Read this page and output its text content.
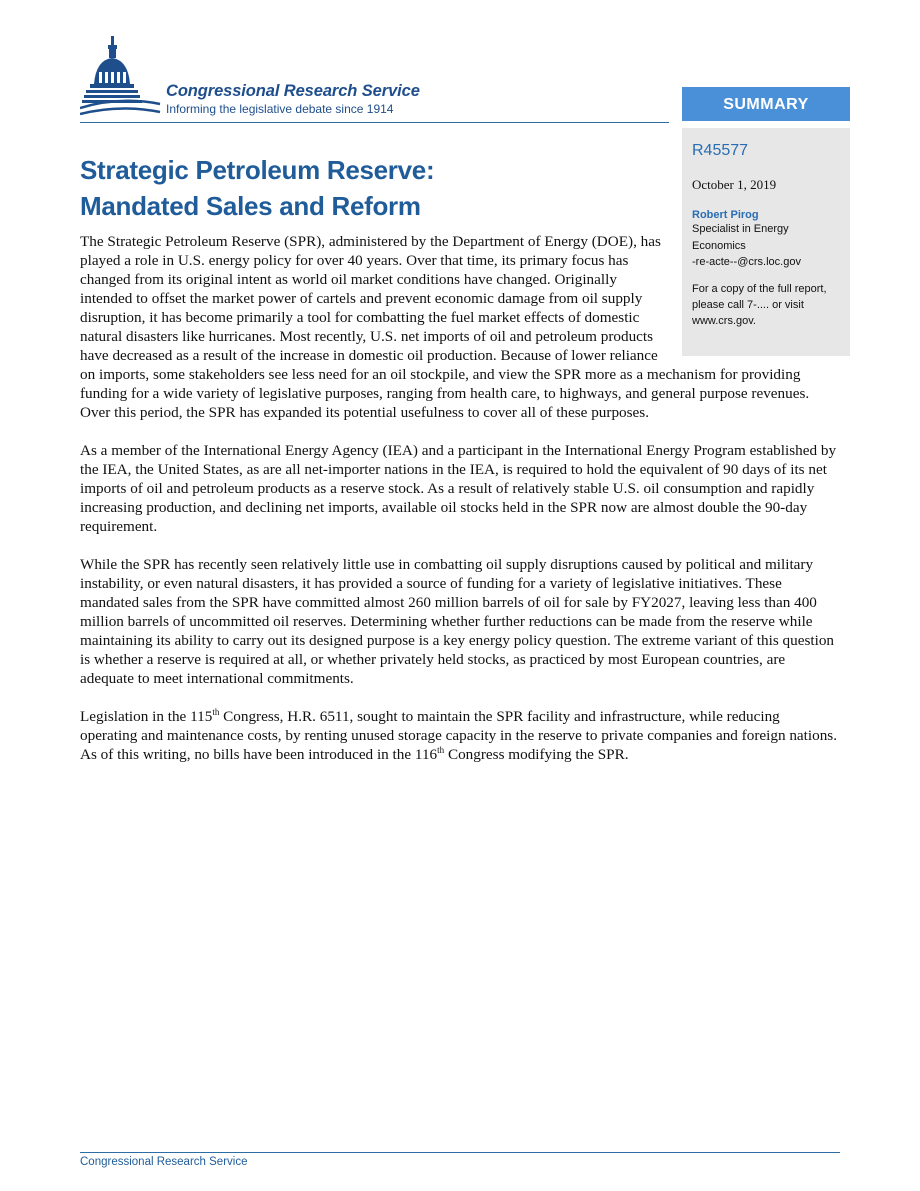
Congressional Research Service
Informing the legislative debate since 1914	SUMMARY
R45577
October 1, 2019
Robert Pirog
Specialist in Energy
Economics
-re-acte--@crs.loc.gov
For a copy of the full report,
please call 7-.... or visit
www.crs.gov.
Strategic Petroleum Reserve:
Mandated Sales and Reform

The Strategic Petroleum Reserve (SPR), administered by the Department of Energy (DOE), has played a role in U.S. energy policy for over 40 years. Over that time, its primary focus has changed from its original intent as world oil market conditions have changed. Originally intended to offset the market power of cartels and prevent economic damage from oil supply disruption, it has become primarily a tool for combatting the fuel market effects of domestic natural disasters like hurricanes. Most recently, U.S. net imports of oil and petroleum products have decreased as a result of the increase in domestic oil production. Because of lower reliance on imports, some stakeholders see less need for an oil stockpile, and view the SPR more as a mechanism for providing funding for a wide variety of legislative purposes, ranging from health care, to highways, and general purpose revenues. Over this period, the SPR has expanded its potential usefulness to cover all of these purposes.

As a member of the International Energy Agency (IEA) and a participant in the International Energy Program established by the IEA, the United States, as are all net-importer nations in the IEA, is required to hold the equivalent of 90 days of its net imports of oil and petroleum products as a reserve stock. As a result of relatively stable U.S. oil consumption and rapidly increasing production, and declining net imports, available oil stocks held in the SPR now are almost double the 90-day requirement.

While the SPR has recently seen relatively little use in combatting oil supply disruptions caused by political and military instability, or even natural disasters, it has provided a source of funding for a variety of legislative initiatives. These mandated sales from the SPR have committed almost 260 million barrels of oil for sale by FY2027, leaving less than 400 million barrels of uncommitted oil reserves. Determining whether further reductions can be made from the reserve while maintaining its ability to carry out its designed purpose is a key energy policy question. The extreme variant of this question is whether a reserve is required at all, or whether privately held stocks, as practiced by most European countries, are adequate to meet international commitments.

Legislation in the 115th Congress, H.R. 6511, sought to maintain the SPR facility and infrastructure, while reducing operating and maintenance costs, by renting unused storage capacity in the reserve to private companies and foreign nations. As of this writing, no bills have been introduced in the 116th Congress modifying the SPR.

Congressional Research Service
